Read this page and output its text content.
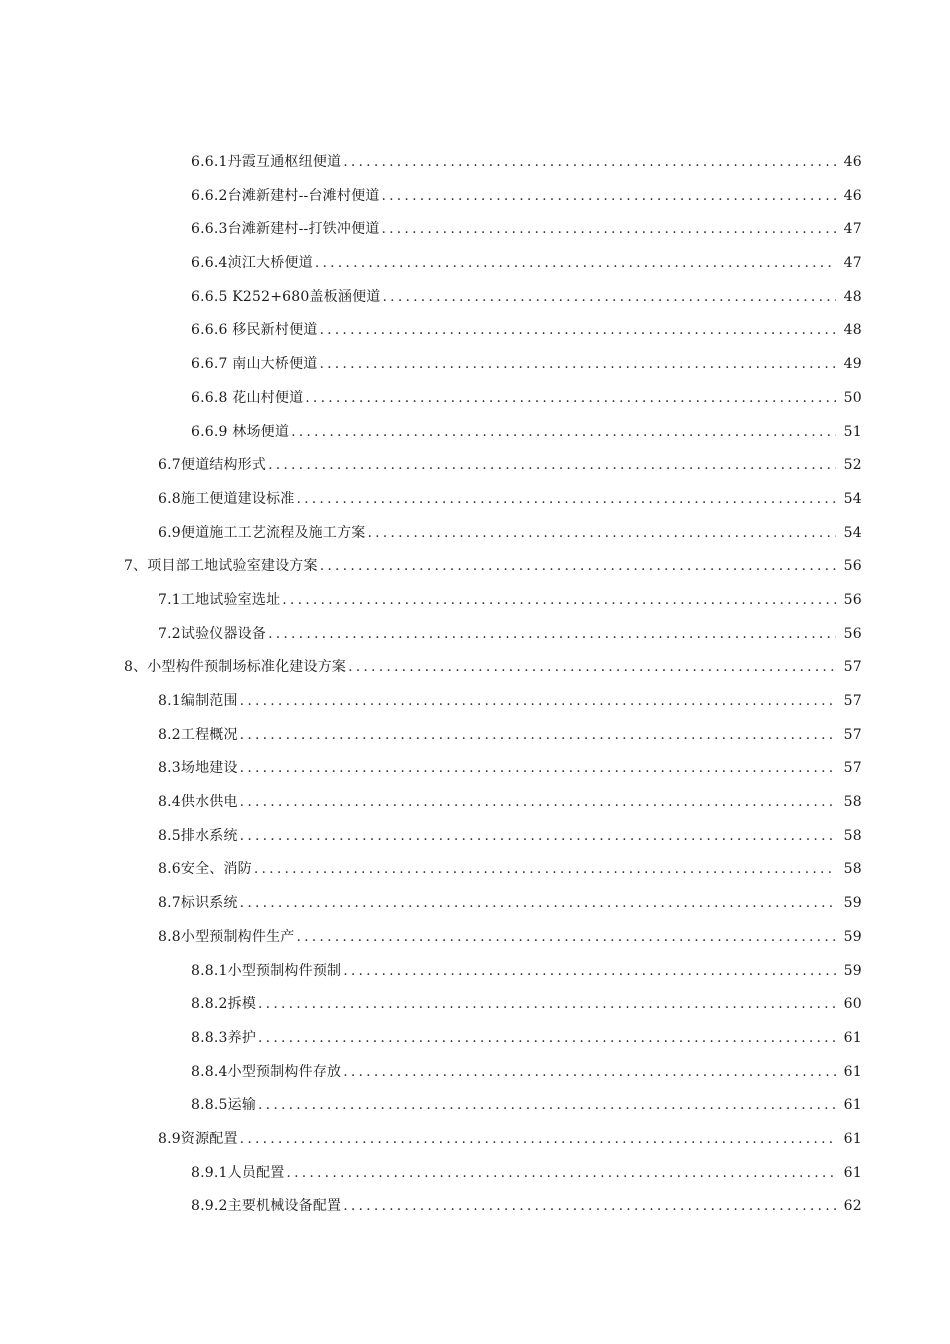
6.6.1丹霞互通枢纽便道 .....	46
6.6.2台滩新建村--台滩村便道 .....	46
6.6.3台滩新建村--打铁冲便道 .....	47
6.6.4浈江大桥便道 .....	47
6.6.5 K252+680盖板涵便道 .....	48
6.6.6 移民新村便道 .....	48
6.6.7 南山大桥便道 .....	49
6.6.8 花山村便道 .....	50
6.6.9 林场便道 .....	51
6.7便道结构形式 .....	52
6.8施工便道建设标准 .....	54
6.9便道施工工艺流程及施工方案 .....	54
7、项目部工地试验室建设方案 .....	56
7.1工地试验室选址 .....	56
7.2试验仪器设备 .....	56
8、小型构件预制场标准化建设方案 .....	57
8.1编制范围 .....	57
8.2工程概况 .....	57
8.3场地建设 .....	57
8.4供水供电 .....	58
8.5排水系统 .....	58
8.6安全、消防 .....	58
8.7标识系统 .....	59
8.8小型预制构件生产 .....	59
8.8.1小型预制构件预制 .....	59
8.8.2拆模 .....	60
8.8.3养护 .....	61
8.8.4小型预制构件存放 .....	61
8.8.5运输 .....	61
8.9资源配置 .....	61
8.9.1人员配置 .....	61
8.9.2主要机械设备配置 .....	62
